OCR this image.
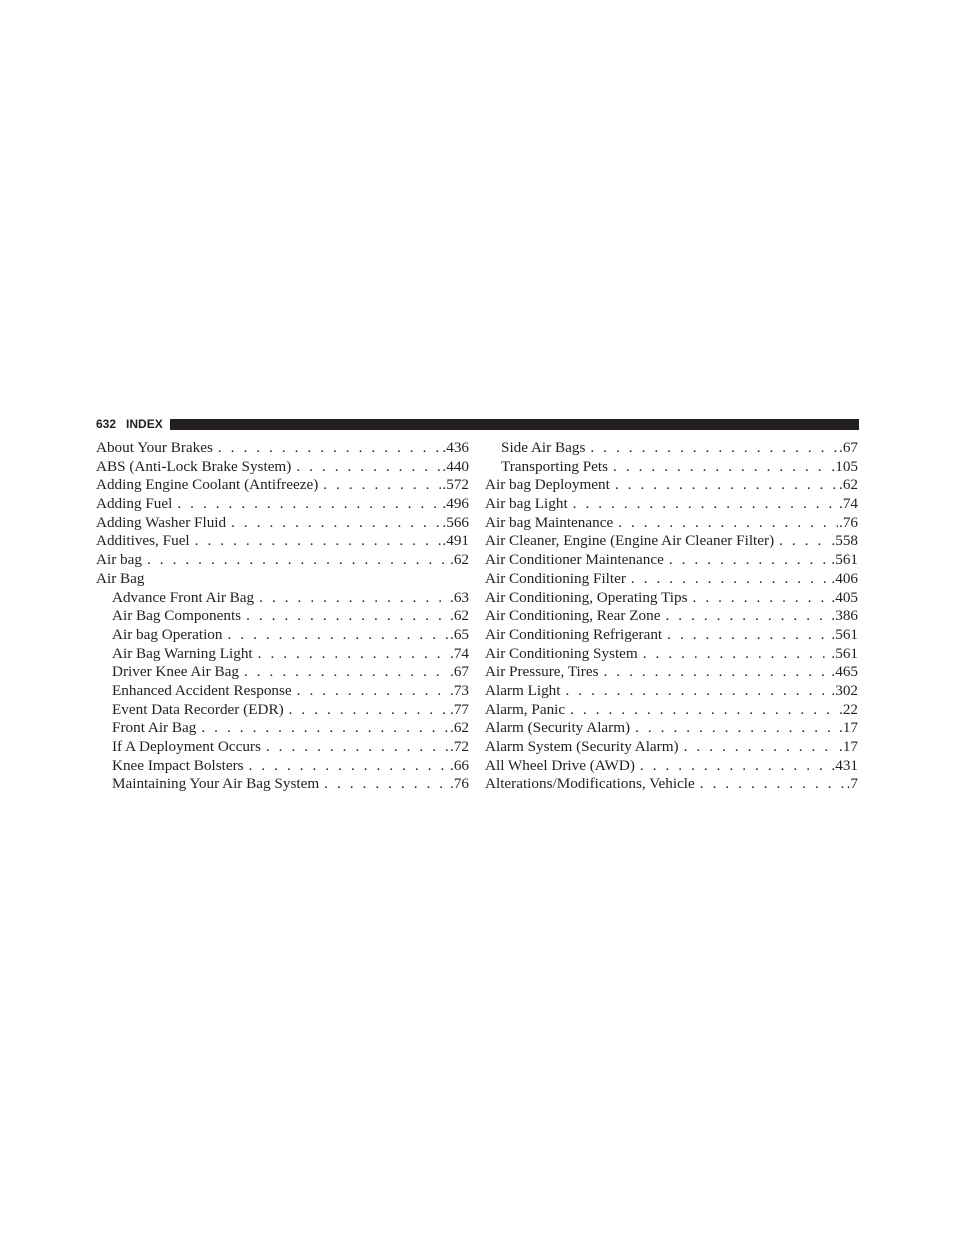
632 INDEX
About Your Brakes . . .	.436
ABS (Anti-Lock Brake System) . . .	.440
Adding Engine Coolant (Antifreeze) . . .	.572
Adding Fuel . . .	.496
Adding Washer Fluid . . .	.566
Additives, Fuel . . .	.491
Air bag . . .	.62
Air Bag
Advance Front Air Bag . . .	.63
Air Bag Components . . .	.62
Air bag Operation . . .	.65
Air Bag Warning Light . . .	.74
Driver Knee Air Bag . . .	.67
Enhanced Accident Response . . .	.73
Event Data Recorder (EDR) . . .	.77
Front Air Bag . . .	.62
If A Deployment Occurs . . .	.72
Knee Impact Bolsters . . .	.66
Maintaining Your Air Bag System . . .	.76
Side Air Bags . . .	.67
Transporting Pets . . .	.105
Air bag Deployment . . .	.62
Air bag Light . . .	.74
Air bag Maintenance . . .	.76
Air Cleaner, Engine (Engine Air Cleaner Filter) . . .	.558
Air Conditioner Maintenance . . .	.561
Air Conditioning Filter . . .	.406
Air Conditioning, Operating Tips . . .	.405
Air Conditioning, Rear Zone . . .	.386
Air Conditioning Refrigerant . . .	.561
Air Conditioning System . . .	.561
Air Pressure, Tires . . .	.465
Alarm Light . . .	.302
Alarm, Panic . . .	.22
Alarm (Security Alarm) . . .	.17
Alarm System (Security Alarm) . . .	.17
All Wheel Drive (AWD) . . .	.431
Alterations/Modifications, Vehicle . . .	.7
